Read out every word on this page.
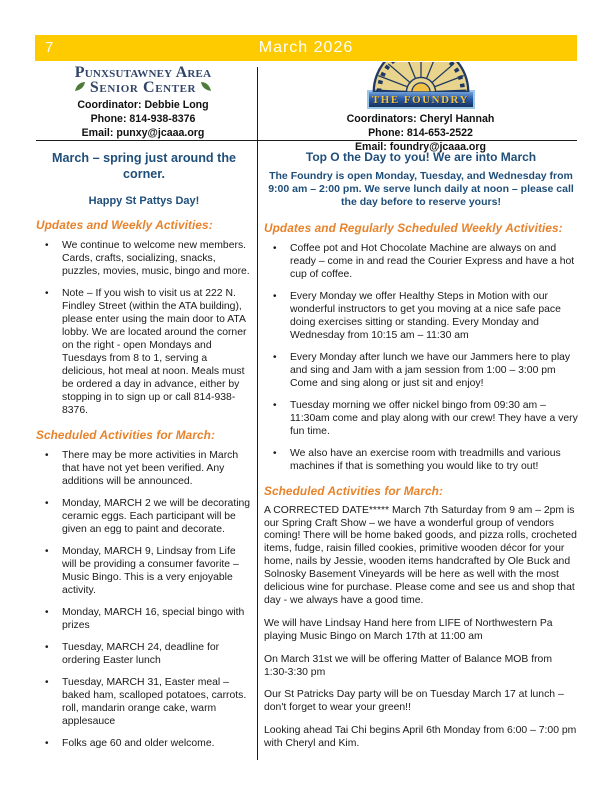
7	March 2026
Punxsutawney Area
Senior Center
Coordinator: Debbie Long
Phone: 814-938-8376
Email: punxy@jcaaa.org
THE FOUNDRY
Coordinators: Cheryl Hannah
Phone: 814-653-2522
Email: foundry@jcaaa.org
March – spring just around the corner.
Happy St Pattys Day!
Updates and Weekly Activities:
• We continue to welcome new members. Cards, crafts, socializing, snacks, puzzles, movies, music, bingo and more.
• Note – If you wish to visit us at 222 N. Findley Street (within the ATA building), please enter using the main door to ATA lobby. We are located around the corner on the right - open Mondays and Tuesdays from 8 to 1, serving a delicious, hot meal at noon. Meals must be ordered a day in advance, either by stopping in to sign up or call 814-938-8376.
Scheduled Activities for March:
• There may be more activities in March that have not yet been verified. Any additions will be announced.
• Monday, MARCH 2 we will be decorating ceramic eggs. Each participant will be given an egg to paint and decorate.
• Monday, MARCH 9, Lindsay from Life will be providing a consumer favorite – Music Bingo. This is a very enjoyable activity.
• Monday, MARCH 16, special bingo with prizes
• Tuesday, MARCH 24, deadline for ordering Easter lunch
• Tuesday, MARCH 31, Easter meal – baked ham, scalloped potatoes, carrots. roll, mandarin orange cake, warm applesauce
• Folks age 60 and older welcome.
Top O the Day to you! We are into March
The Foundry is open Monday, Tuesday, and Wednesday from 9:00 am – 2:00 pm. We serve lunch daily at noon – please call the day before to reserve yours!
Updates and Regularly Scheduled Weekly Activities:
• Coffee pot and Hot Chocolate Machine are always on and ready – come in and read the Courier Express and have a hot cup of coffee.
• Every Monday we offer Healthy Steps in Motion with our wonderful instructors to get you moving at a nice safe pace doing exercises sitting or standing. Every Monday and Wednesday from 10:15 am – 11:30 am
• Every Monday after lunch we have our Jammers here to play and sing and Jam with a jam session from 1:00 – 3:00 pm Come and sing along or just sit and enjoy!
• Tuesday morning we offer nickel bingo from 09:30 am – 11:30am come and play along with our crew! They have a very fun time.
• We also have an exercise room with treadmills and various machines if that is something you would like to try out!
Scheduled Activities for March:

A CORRECTED DATE***** March 7th Saturday from 9 am – 2pm is our Spring Craft Show – we have a wonderful group of vendors coming! There will be home baked goods, and pizza rolls, crocheted items, fudge, raisin filled cookies, primitive wooden décor for your home, nails by Jessie, wooden items handcrafted by Ole Buck and Solnosky Basement Vineyards will be here as well with the most delicious wine for purchase. Please come and see us and shop that day - we always have a good time.

We will have Lindsay Hand here from LIFE of Northwestern Pa playing Music Bingo on March 17th at 11:00 am

On March 31st we will be offering Matter of Balance MOB from 1:30-3:30 pm

Our St Patricks Day party will be on Tuesday March 17 at lunch – don't forget to wear your green!!

Looking ahead Tai Chi begins April 6th Monday from 6:00 – 7:00 pm with Cheryl and Kim.
